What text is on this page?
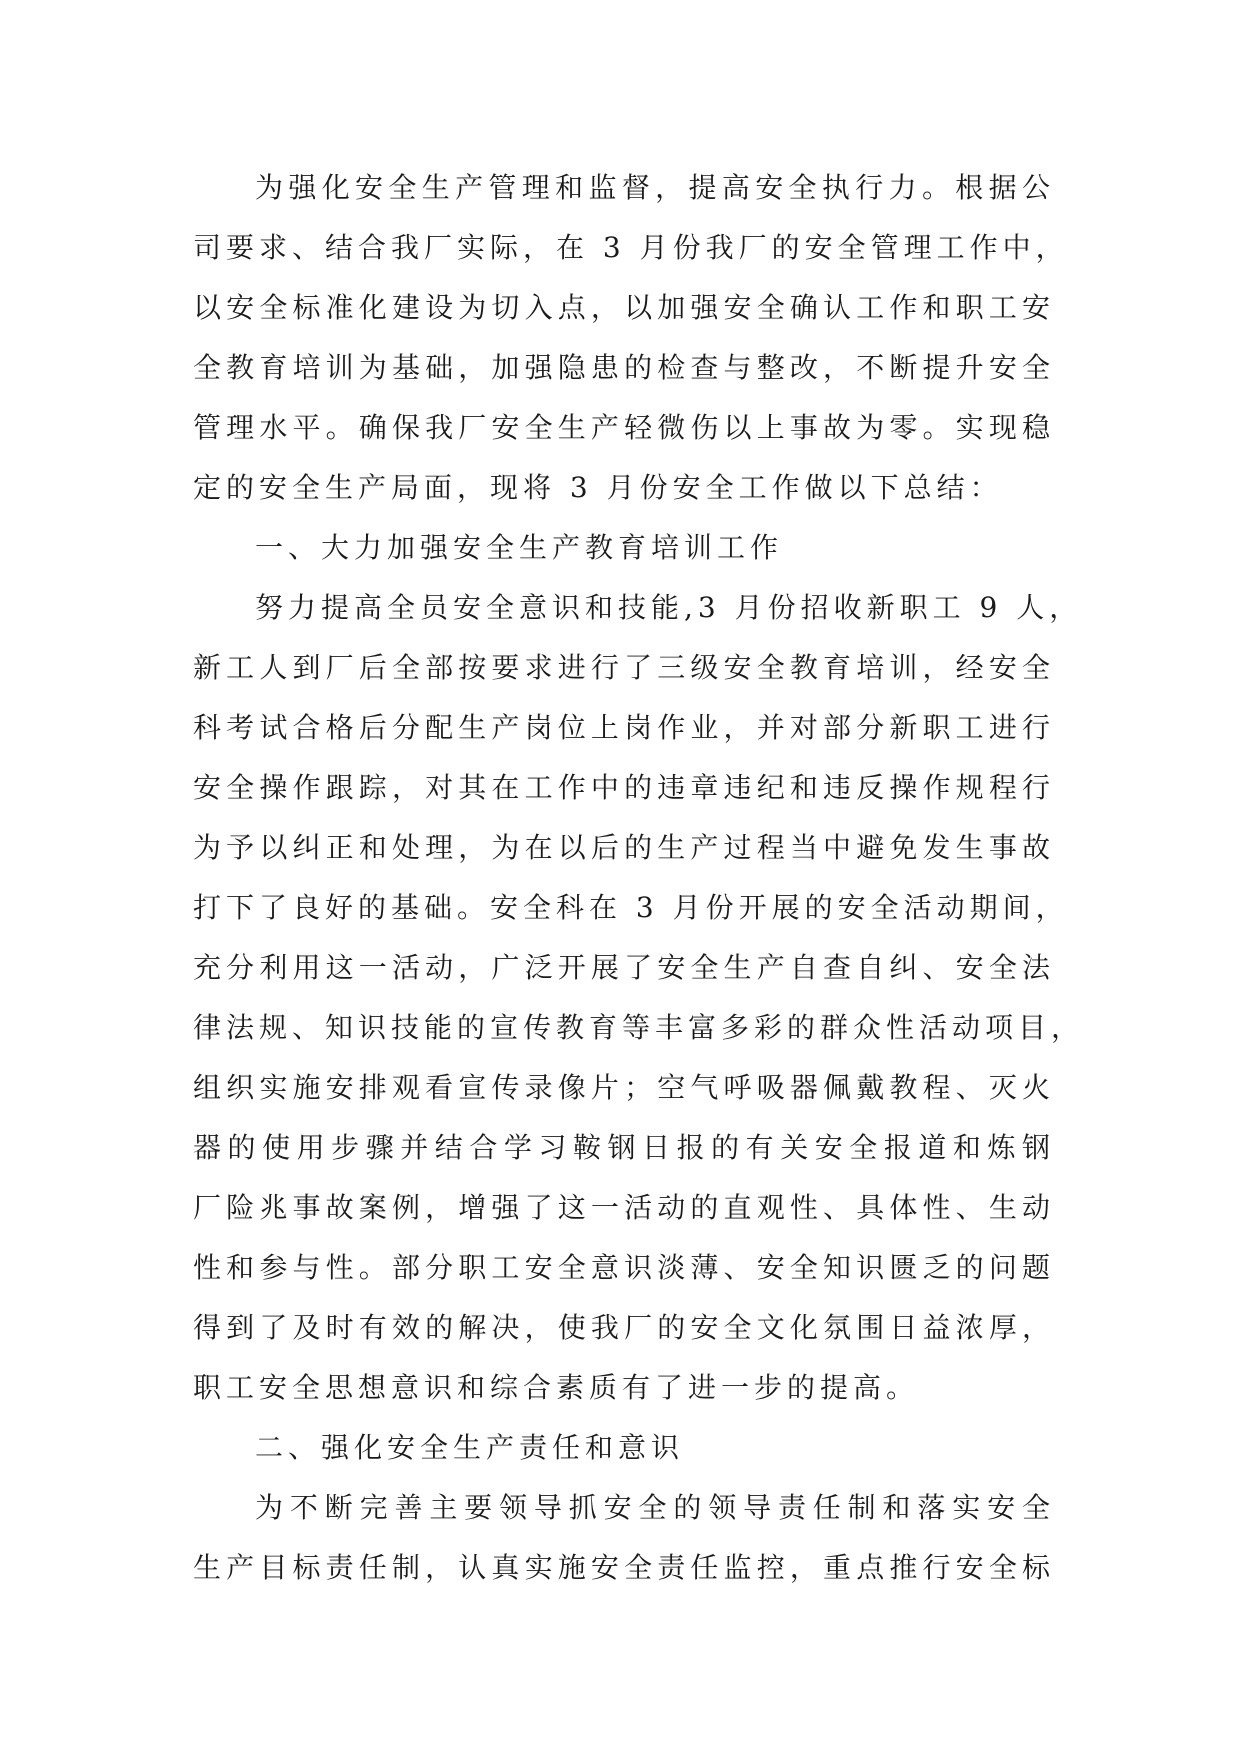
为强化安全生产管理和监督，提高安全执行力。根据公
司要求、结合我厂实际，在 3 月份我厂的安全管理工作中，
以安全标准化建设为切入点，以加强安全确认工作和职工安
全教育培训为基础，加强隐患的检查与整改，不断提升安全
管理水平。确保我厂安全生产轻微伤以上事故为零。实现稳
定的安全生产局面，现将 3 月份安全工作做以下总结：
一、大力加强安全生产教育培训工作
努力提高全员安全意识和技能,3 月份招收新职工 9 人，
新工人到厂后全部按要求进行了三级安全教育培训，经安全
科考试合格后分配生产岗位上岗作业，并对部分新职工进行
安全操作跟踪，对其在工作中的违章违纪和违反操作规程行
为予以纠正和处理，为在以后的生产过程当中避免发生事故
打下了良好的基础。安全科在 3 月份开展的安全活动期间，
充分利用这一活动，广泛开展了安全生产自查自纠、安全法
律法规、知识技能的宣传教育等丰富多彩的群众性活动项目，
组织实施安排观看宣传录像片；空气呼吸器佩戴教程、灭火
器的使用步骤并结合学习鞍钢日报的有关安全报道和炼钢
厂险兆事故案例，增强了这一活动的直观性、具体性、生动
性和参与性。部分职工安全意识淡薄、安全知识匮乏的问题
得到了及时有效的解决，使我厂的安全文化氛围日益浓厚，
职工安全思想意识和综合素质有了进一步的提高。
二、强化安全生产责任和意识
为不断完善主要领导抓安全的领导责任制和落实安全
生产目标责任制，认真实施安全责任监控，重点推行安全标
